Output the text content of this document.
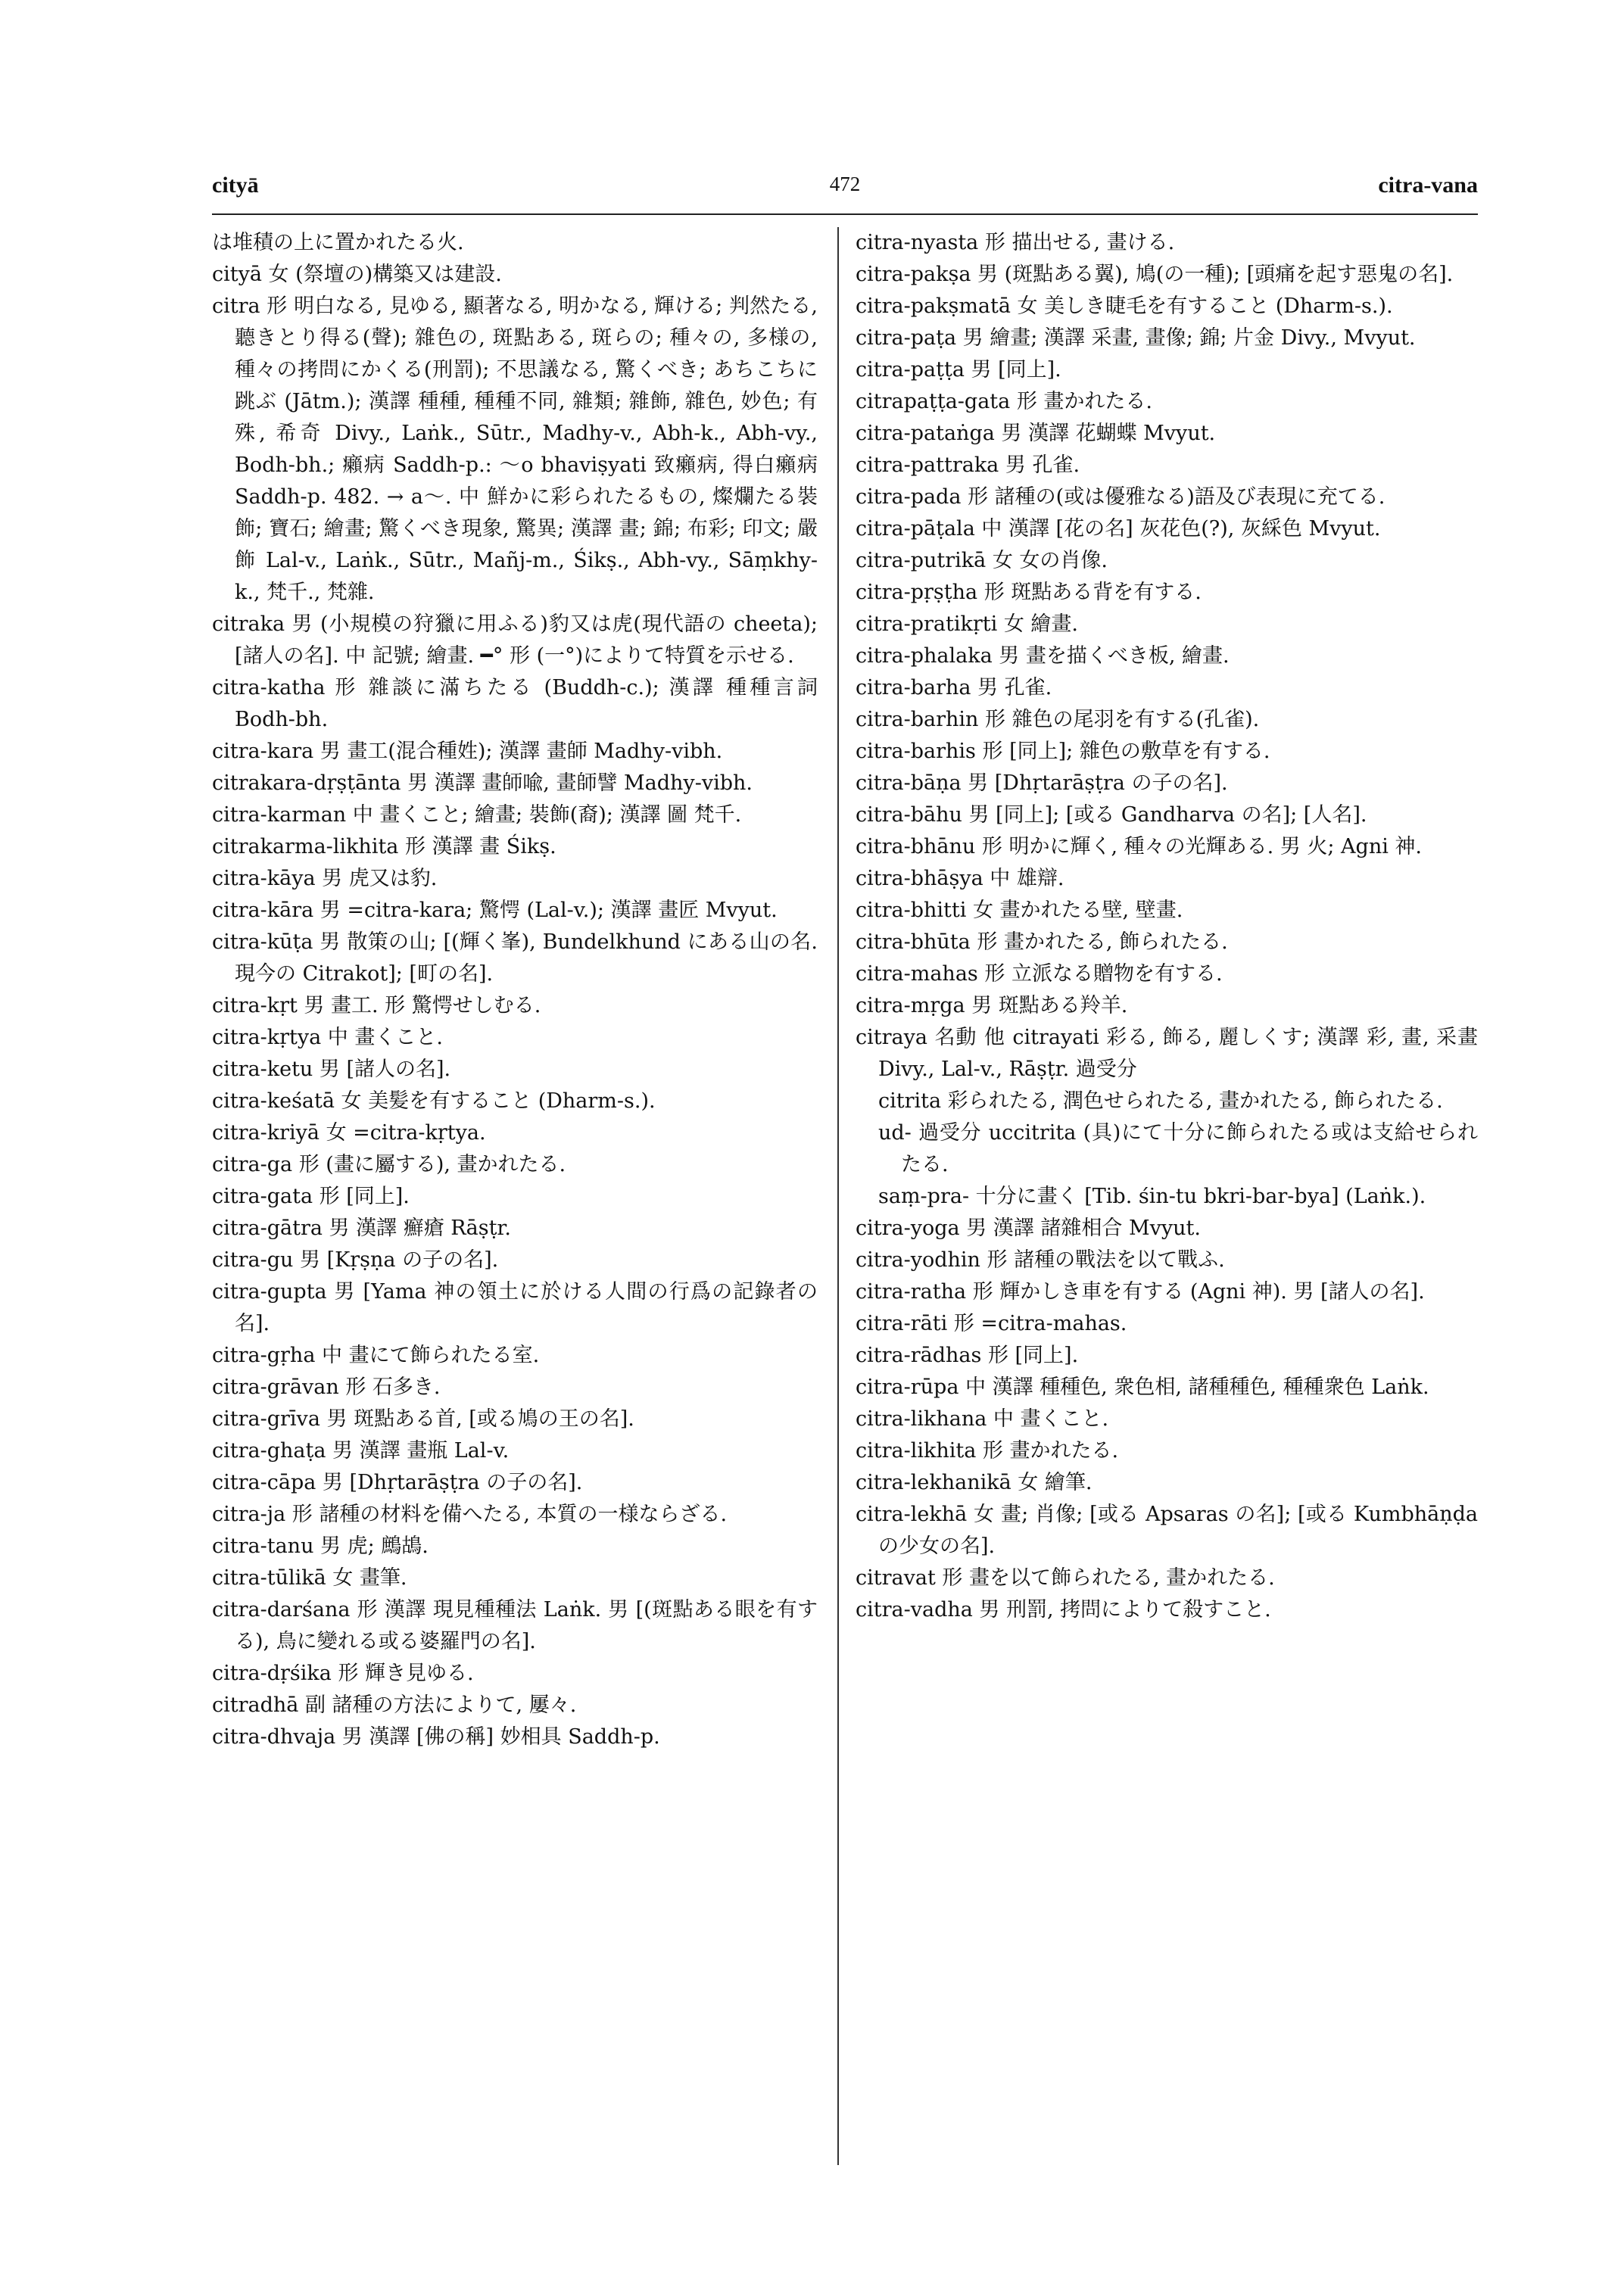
472
cityā	citra-vana

は堆積の上に置かれたる火.

cityā 女 (祭壇の)構築又は建設.

citra 形 明白なる, 見ゆる, 顯著なる, 明かなる, 輝ける; 判然たる, 聽きとり得る(聲); 雜色の, 斑點ある, 斑らの; 種々の, 多様の, 種々の拷問にかくる(刑罰); 不思議なる, 驚くべき; あちこちに跳ぶ (Jātm.); 漢譯 種種, 種種不同, 雜類; 雜飾, 雜色, 妙色; 有殊, 希奇 Divy., Laṅk., Sūtr., Madhy-v., Abh-k., Abh-vy., Bodh-bh.; 癩病 Saddh-p.: ～o bhaviṣyati 致癩病, 得白癩病 Saddh-p. 482. → a～. 中 鮮かに彩られたるもの, 燦爛たる裝飾; 寶石; 繪畫; 驚くべき現象, 驚異; 漢譯 畫; 錦; 布彩; 印文; 嚴飾 Lal-v., Laṅk., Sūtr., Mañj-m., Śikṣ., Abh-vy., Sāṃkhy-k., 梵千., 梵雜.

citraka 男 (小規模の狩獵に用ふる)豹又は虎(現代語の cheeta); [諸人の名]. 中 記號; 繪畫. ━° 形 (一°)によりて特質を示せる.

citra-katha 形 雜談に滿ちたる (Buddh-c.); 漢譯 種種言詞 Bodh-bh.

citra-kara 男 畫工(混合種姓); 漢譯 畫師 Madhy-vibh.

citrakara-dṛṣṭānta 男 漢譯 畫師喩, 畫師譬 Madhy-vibh.

citra-karman 中 畫くこと; 繪畫; 裝飾(裔); 漢譯 圖 梵千.

citrakarma-likhita 形 漢譯 畫 Śikṣ.

citra-kāya 男 虎又は豹.

citra-kāra 男 =citra-kara; 驚愕 (Lal-v.); 漢譯 畫匠 Mvyut.

citra-kūṭa 男 散策の山; [(輝く峯), Bundelkhund にある山の名. 現今の Citrakot]; [町の名].

citra-kṛt 男 畫工. 形 驚愕せしむる.

citra-kṛtya 中 畫くこと.

citra-ketu 男 [諸人の名].

citra-keśatā 女 美髪を有すること (Dharm-s.).

citra-kriyā 女 =citra-kṛtya.

citra-ga 形 (畫に屬する), 畫かれたる.

citra-gata 形 [同上].

citra-gātra 男 漢譯 癬瘡 Rāṣṭr.

citra-gu 男 [Kṛṣṇa の子の名].

citra-gupta 男 [Yama 神の領土に於ける人間の行爲の記錄者の名].

citra-gṛha 中 畫にて飾られたる室.

citra-grāvan 形 石多き.

citra-grīva 男 斑點ある首, [或る鳩の王の名].

citra-ghaṭa 男 漢譯 畫瓶 Lal-v.

citra-cāpa 男 [Dhṛtarāṣṭra の子の名].

citra-ja 形 諸種の材料を備へたる, 本質の一様ならざる.

citra-tanu 男 虎; 鷓鴣.

citra-tūlikā 女 畫筆.

citra-darśana 形 漢譯 現見種種法 Laṅk. 男 [(斑點ある眼を有する), 鳥に變れる或る婆羅門の名].

citra-dṛśika 形 輝き見ゆる.

citradhā 副 諸種の方法によりて, 屢々.

citra-dhvaja 男 漢譯 [佛の稱] 妙相具 Saddh-p.

citra-nyasta 形 描出せる, 畫ける.

citra-pakṣa 男 (斑點ある翼), 鳩(の一種); [頭痛を起す惡鬼の名].

citra-pakṣmatā 女 美しき睫毛を有すること (Dharm-s.).

citra-paṭa 男 繪畫; 漢譯 采畫, 畫像; 錦; 片金 Divy., Mvyut.

citra-paṭṭa 男 [同上].

citrapaṭṭa-gata 形 畫かれたる.

citra-pataṅga 男 漢譯 花蝴蝶 Mvyut.

citra-pattraka 男 孔雀.

citra-pada 形 諸種の(或は優雅なる)語及び表現に充てる.

citra-pāṭala 中 漢譯 [花の名] 灰花色(?), 灰綵色 Mvyut.

citra-putrikā 女 女の肖像.

citra-pṛṣṭha 形 斑點ある背を有する.

citra-pratikṛti 女 繪畫.

citra-phalaka 男 畫を描くべき板, 繪畫.

citra-barha 男 孔雀.

citra-barhin 形 雜色の尾羽を有する(孔雀).

citra-barhis 形 [同上]; 雜色の敷草を有する.

citra-bāṇa 男 [Dhṛtarāṣṭra の子の名].

citra-bāhu 男 [同上]; [或る Gandharva の名]; [人名].

citra-bhānu 形 明かに輝く, 種々の光輝ある. 男 火; Agni 神.

citra-bhāṣya 中 雄辯.

citra-bhitti 女 畫かれたる壁, 壁畫.

citra-bhūta 形 畫かれたる, 飾られたる.

citra-mahas 形 立派なる贈物を有する.

citra-mṛga 男 斑點ある羚羊.

citraya 名動 他 citrayati 彩る, 飾る, 麗しくす; 漢譯 彩, 畫, 采畫 Divy., Lal-v., Rāṣṭr. 過受分

citrita 彩られたる, 潤色せられたる, 畫かれたる, 飾られたる.

ud- 過受分 uccitrita (具)にて十分に飾られたる或は支給せられたる.

saṃ-pra- 十分に畫く [Tib. śin-tu bkri-bar-bya] (Laṅk.).

citra-yoga 男 漢譯 諸雜相合 Mvyut.

citra-yodhin 形 諸種の戰法を以て戰ふ.

citra-ratha 形 輝かしき車を有する (Agni 神). 男 [諸人の名].

citra-rāti 形 =citra-mahas.

citra-rādhas 形 [同上].

citra-rūpa 中 漢譯 種種色, 衆色相, 諸種種色, 種種衆色 Laṅk.

citra-likhana 中 畫くこと.

citra-likhita 形 畫かれたる.

citra-lekhanikā 女 繪筆.

citra-lekhā 女 畫; 肖像; [或る Apsaras の名]; [或る Kumbhāṇḍa の少女の名].

citravat 形 畫を以て飾られたる, 畫かれたる.

citra-vadha 男 刑罰, 拷問によりて殺すこと.
